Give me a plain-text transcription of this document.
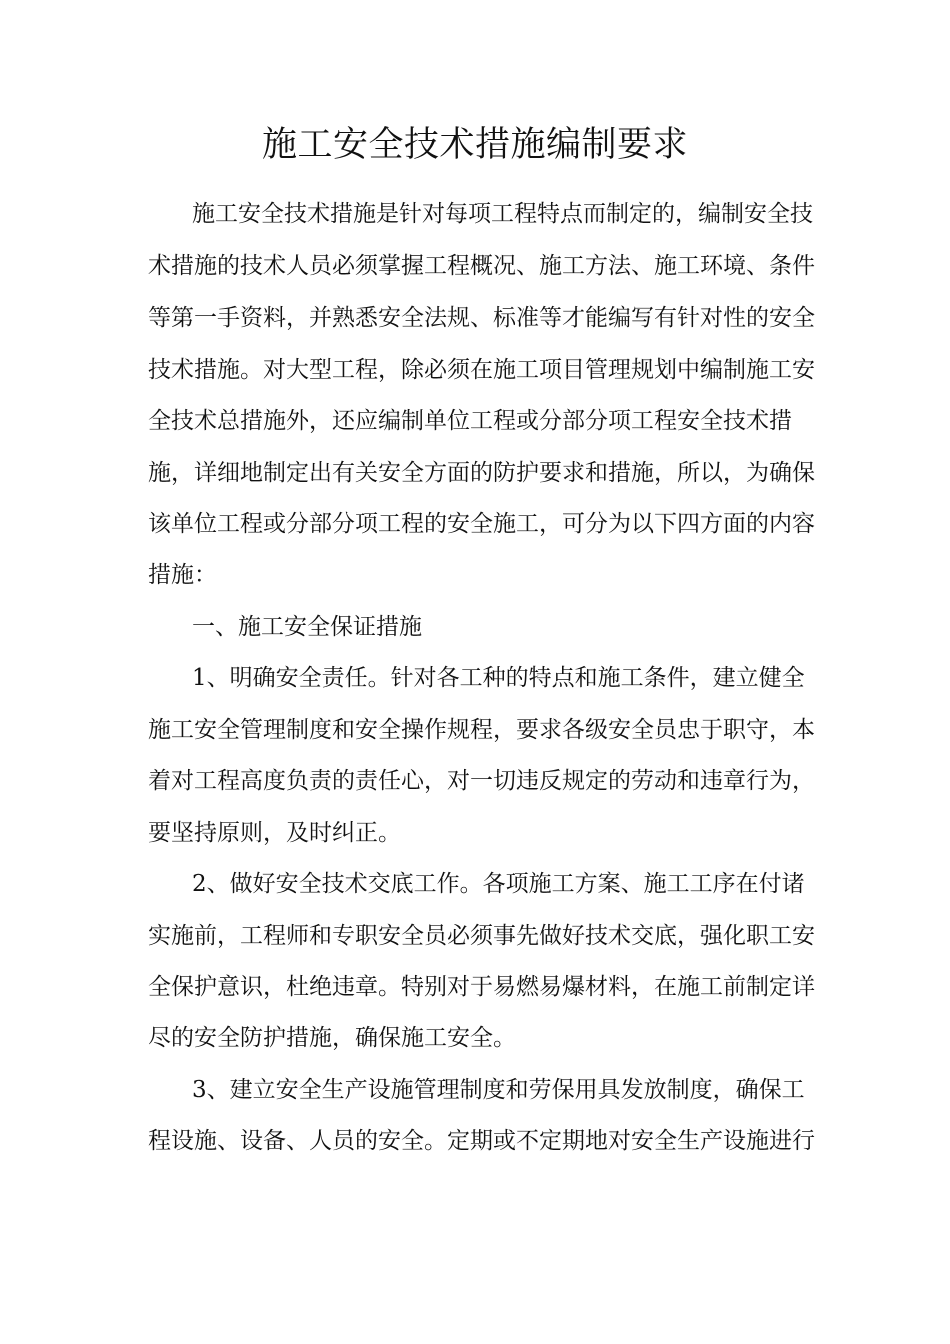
施工安全技术措施编制要求

施工安全技术措施是针对每项工程特点而制定的，编制安全技

术措施的技术人员必须掌握工程概况、施工方法、施工环境、条件

等第一手资料，并熟悉安全法规、标准等才能编写有针对性的安全

技术措施。对大型工程，除必须在施工项目管理规划中编制施工安

全技术总措施外，还应编制单位工程或分部分项工程安全技术措

施，详细地制定出有关安全方面的防护要求和措施，所以，为确保

该单位工程或分部分项工程的安全施工，可分为以下四方面的内容

措施：

一、施工安全保证措施

1、明确安全责任。针对各工种的特点和施工条件，建立健全

施工安全管理制度和安全操作规程，要求各级安全员忠于职守，本

着对工程高度负责的责任心，对一切违反规定的劳动和违章行为，

要坚持原则，及时纠正。

2、做好安全技术交底工作。各项施工方案、施工工序在付诸

实施前，工程师和专职安全员必须事先做好技术交底，强化职工安

全保护意识，杜绝违章。特别对于易燃易爆材料，在施工前制定详

尽的安全防护措施，确保施工安全。

3、建立安全生产设施管理制度和劳保用具发放制度，确保工

程设施、设备、人员的安全。定期或不定期地对安全生产设施进行
